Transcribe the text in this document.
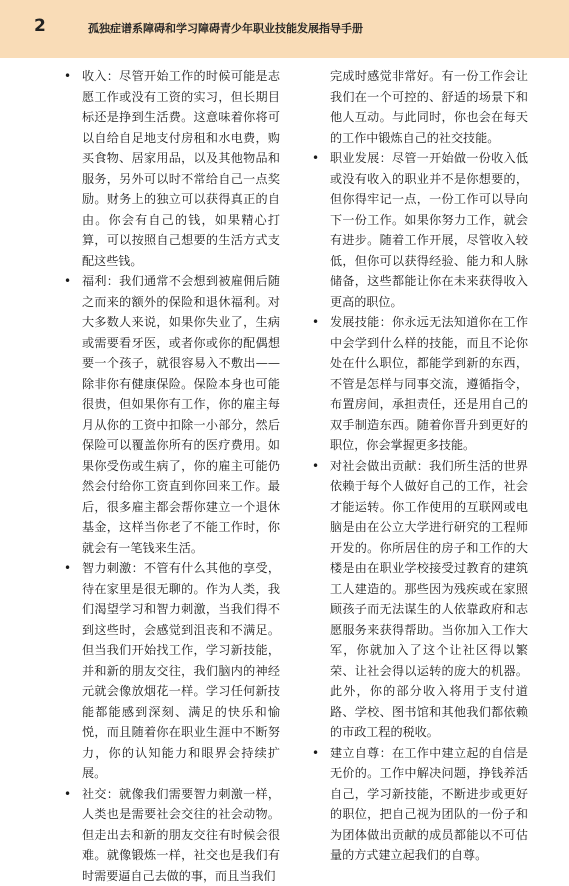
2	孤独症谱系障碍和学习障碍青少年职业技能发展指导手册
• 收入：尽管开始工作的时候可能是志愿工作或没有工资的实习，但长期目标还是挣到生活费。这意味着你将可以自给自足地支付房租和水电费，购买食物、居家用品，以及其他物品和服务，另外可以时不常给自己一点奖励。财务上的独立可以获得真正的自由。你会有自己的钱，如果精心打算，可以按照自己想要的生活方式支配这些钱。
• 福利：我们通常不会想到被雇佣后随之而来的额外的保险和退休福利。对大多数人来说，如果你失业了，生病或需要看牙医，或者你或你的配偶想要一个孩子，就很容易入不敷出——除非你有健康保险。保险本身也可能很贵，但如果你有工作，你的雇主每月从你的工资中扣除一小部分，然后保险可以覆盖你所有的医疗费用。如果你受伤或生病了，你的雇主可能仍然会付给你工资直到你回来工作。最后，很多雇主都会帮你建立一个退休基金，这样当你老了不能工作时，你就会有一笔钱来生活。
• 智力刺激：不管有什么其他的享受，待在家里是很无聊的。作为人类，我们渴望学习和智力刺激，当我们得不到这些时，会感觉到沮丧和不满足。但当我们开始找工作，学习新技能，并和新的朋友交往，我们脑内的神经元就会像放烟花一样。学习任何新技能都能感到深刻、满足的快乐和愉悦，而且随着你在职业生涯中不断努力，你的认知能力和眼界会持续扩展。
• 社交：就像我们需要智力刺激一样，人类也是需要社会交往的社会动物。但走出去和新的朋友交往有时候会很难。就像锻炼一样，社交也是我们有时需要逼自己去做的事，而且当我们
完成时感觉非常好。有一份工作会让我们在一个可控的、舒适的场景下和他人互动。与此同时，你也会在每天的工作中锻炼自己的社交技能。
• 职业发展：尽管一开始做一份收入低或没有收入的职业并不是你想要的，但你得牢记一点，一份工作可以导向下一份工作。如果你努力工作，就会有进步。随着工作开展，尽管收入较低，但你可以获得经验、能力和人脉储备，这些都能让你在未来获得收入更高的职位。
• 发展技能：你永远无法知道你在工作中会学到什么样的技能，而且不论你处在什么职位，都能学到新的东西，不管是怎样与同事交流，遵循指令，布置房间，承担责任，还是用自己的双手制造东西。随着你晋升到更好的职位，你会掌握更多技能。
• 对社会做出贡献：我们所生活的世界依赖于每个人做好自己的工作，社会才能运转。你工作使用的互联网或电脑是由在公立大学进行研究的工程师开发的。你所居住的房子和工作的大楼是由在职业学校接受过教育的建筑工人建造的。那些因为残疾或在家照顾孩子而无法谋生的人依靠政府和志愿服务来获得帮助。当你加入工作大军，你就加入了这个让社区得以繁荣、让社会得以运转的庞大的机器。此外，你的部分收入将用于支付道路、学校、图书馆和其他我们都依赖的市政工程的税收。
• 建立自尊：在工作中建立起的自信是无价的。工作中解决问题，挣钱养活自己，学习新技能，不断进步或更好的职位，把自己视为团队的一份子和为团体做出贡献的成员都能以不可估量的方式建立起我们的自尊。
